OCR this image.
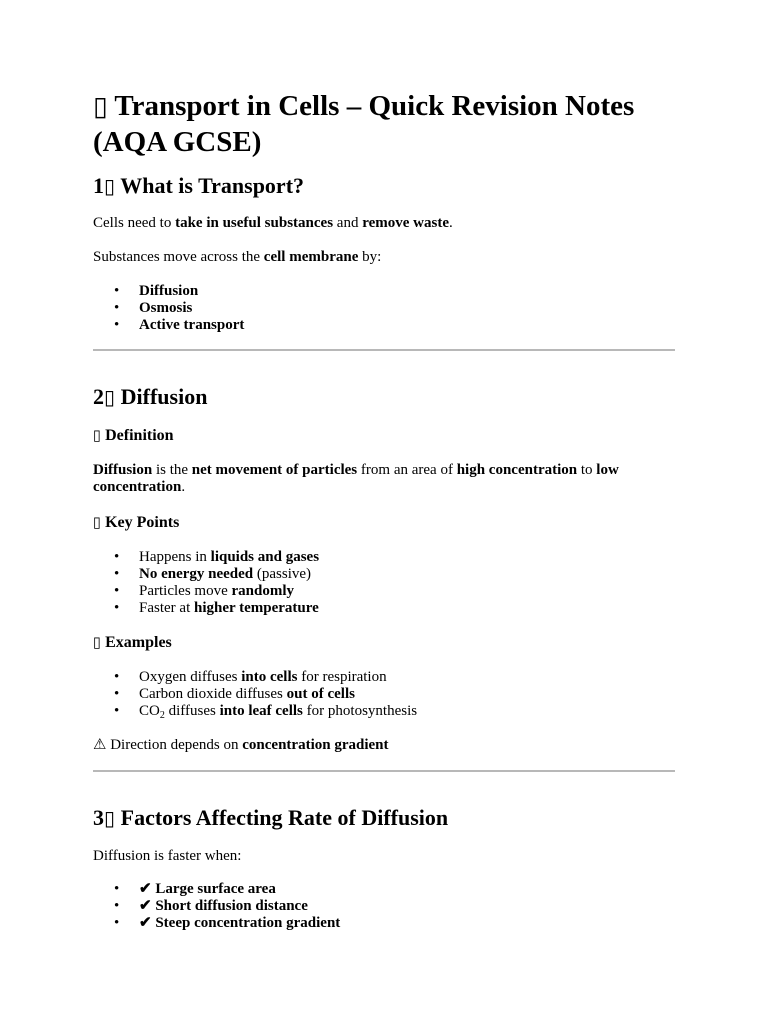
▯ Transport in Cells – Quick Revision Notes (AQA GCSE)
1▯ What is Transport?

Cells need to take in useful substances and remove waste.

Substances move across the cell membrane by:

• Diffusion
• Osmosis
• Active transport
2▯ Diffusion
▯ Definition

Diffusion is the net movement of particles from an area of high concentration to low concentration.

▯ Key Points
• Happens in liquids and gases
• No energy needed (passive)
• Particles move randomly
• Faster at higher temperature
▯ Examples
• Oxygen diffuses into cells for respiration
• Carbon dioxide diffuses out of cells
• $CO_2$ diffuses into leaf cells for photosynthesis

⚠ Direction depends on concentration gradient

3▯ Factors Affecting Rate of Diffusion

Diffusion is faster when:

• ✔ Large surface area
• ✔ Short diffusion distance
• ✔ Steep concentration gradient
